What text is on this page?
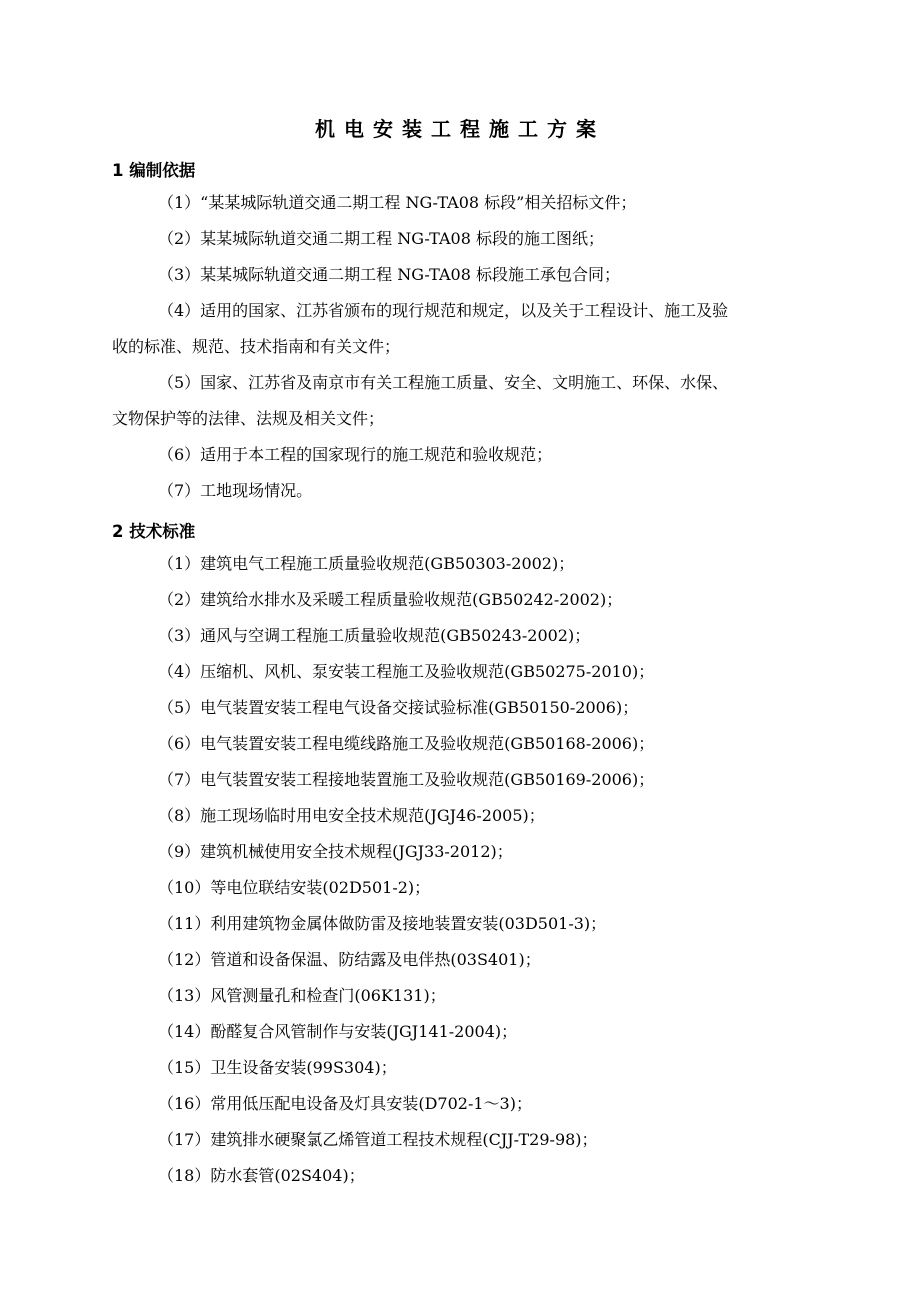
机电安装工程施工方案
1 编制依据
（1）“某某城际轨道交通二期工程 NG-TA08 标段”相关招标文件；
（2）某某城际轨道交通二期工程 NG-TA08 标段的施工图纸；
（3）某某城际轨道交通二期工程 NG-TA08 标段施工承包合同；
（4）适用的国家、江苏省颁布的现行规范和规定，以及关于工程设计、施工及验
收的标准、规范、技术指南和有关文件；
（5）国家、江苏省及南京市有关工程施工质量、安全、文明施工、环保、水保、
文物保护等的法律、法规及相关文件；
（6）适用于本工程的国家现行的施工规范和验收规范；
（7）工地现场情况。
2 技术标准
（1）建筑电气工程施工质量验收规范(GB50303-2002)；
（2）建筑给水排水及采暖工程质量验收规范(GB50242-2002)；
（3）通风与空调工程施工质量验收规范(GB50243-2002)；
（4）压缩机、风机、泵安装工程施工及验收规范(GB50275-2010)；
（5）电气装置安装工程电气设备交接试验标准(GB50150-2006)；
（6）电气装置安装工程电缆线路施工及验收规范(GB50168-2006)；
（7）电气装置安装工程接地装置施工及验收规范(GB50169-2006)；
（8）施工现场临时用电安全技术规范(JGJ46-2005)；
（9）建筑机械使用安全技术规程(JGJ33-2012)；
（10）等电位联结安装(02D501-2)；
（11）利用建筑物金属体做防雷及接地装置安装(03D501-3)；
（12）管道和设备保温、防结露及电伴热(03S401)；
（13）风管测量孔和检查门(06K131)；
（14）酚醛复合风管制作与安装(JGJ141-2004)；
（15）卫生设备安装(99S304)；
（16）常用低压配电设备及灯具安装(D702-1～3)；
（17）建筑排水硬聚氯乙烯管道工程技术规程(CJJ-T29-98)；
（18）防水套管(02S404)；
